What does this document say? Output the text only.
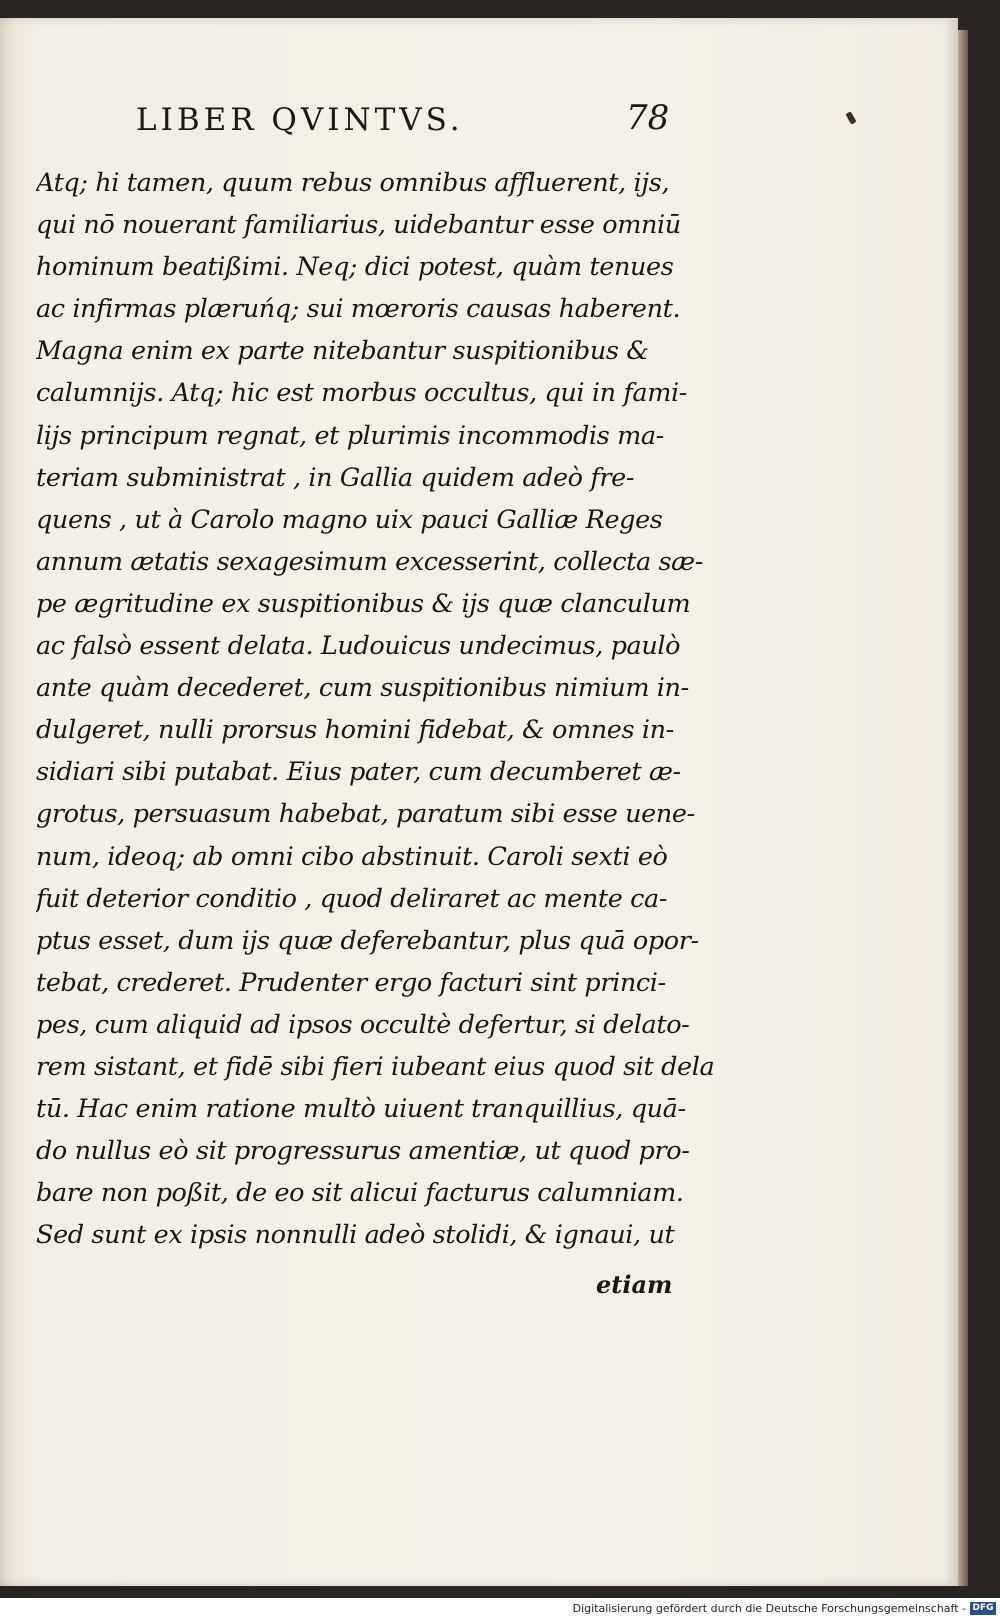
LIBER QVINTVS.	78
Atq; hi tamen, quum rebus omnibus affluerent, ijs,
qui nō nouerant familiarius, uidebantur esse omniū
hominum beatißimi. Neq; dici potest, quàm tenues
ac infirmas plæruńq; sui mœroris causas haberent.
Magna enim ex parte nitebantur suspitionibus &
calumnijs. Atq; hic est morbus occultus, qui in fami-
lijs principum regnat, et plurimis incommodis ma-
teriam subministrat , in Gallia quidem adeò fre-
quens , ut à Carolo magno uix pauci Galliæ Reges
annum ætatis sexagesimum excesserint, collecta sæ-
pe ægritudine ex suspitionibus & ijs quæ clanculum
ac falsò essent delata. Ludouicus undecimus, paulò
ante quàm decederet, cum suspitionibus nimium in-
dulgeret, nulli prorsus homini fidebat, & omnes in-
sidiari sibi putabat. Eius pater, cum decumberet æ-
grotus, persuasum habebat, paratum sibi esse uene-
num, ideoq; ab omni cibo abstinuit. Caroli sexti eò
fuit deterior conditio , quod deliraret ac mente ca-
ptus esset, dum ijs quæ deferebantur, plus quā opor-
tebat, crederet. Prudenter ergo facturi sint princi-
pes, cum aliquid ad ipsos occultè defertur, si delato-
rem sistant, et fidē sibi fieri iubeant eius quod sit dela
tū. Hac enim ratione multò uiuent tranquillius, quā-
do nullus eò sit progressurus amentiæ, ut quod pro-
bare non poßit, de eo sit alicui facturus calumniam.
Sed sunt ex ipsis nonnulli adeò stolidi, & ignaui, ut
etiam
Digitalisierung gefördert durch die Deutsche Forschungsgemeinschaft - DFG
